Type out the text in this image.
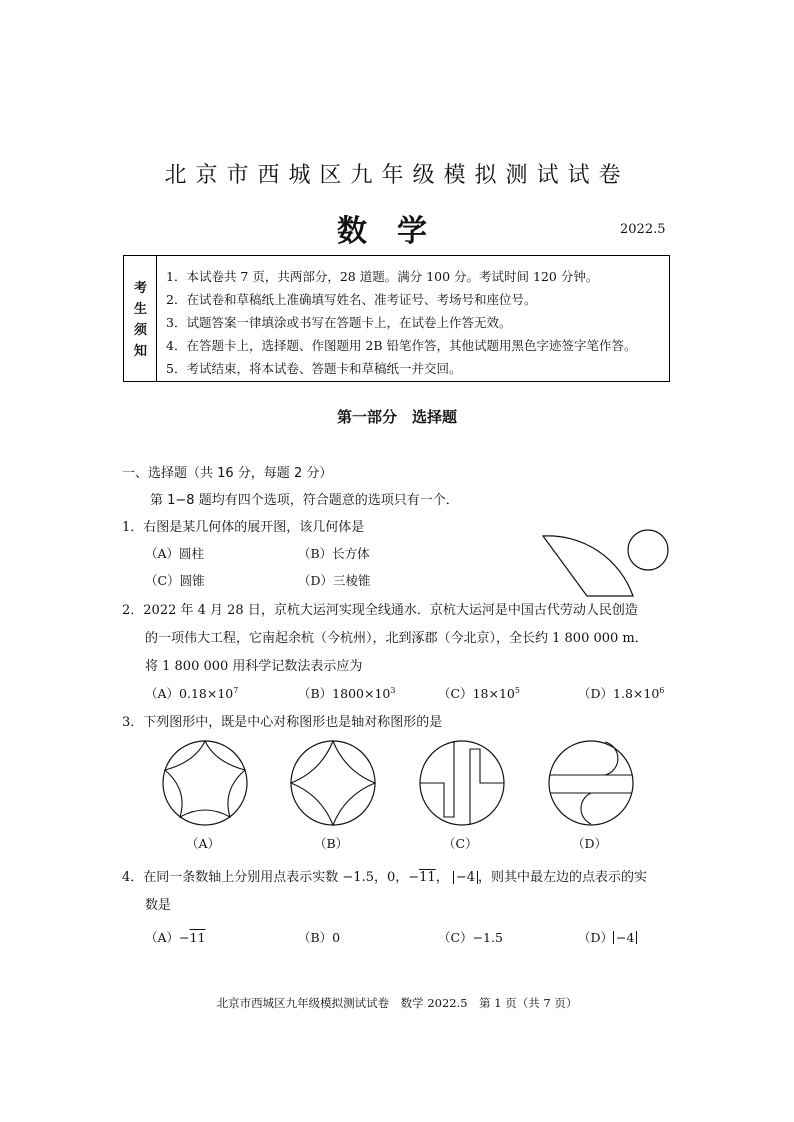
北京市西城区九年级模拟测试试卷
数学	2022.5
考
生
须
知
1．本试卷共 7 页，共两部分，28 道题。满分 100 分。考试时间 120 分钟。
2．在试卷和草稿纸上准确填写姓名、准考证号、考场号和座位号。
3．试题答案一律填涂或书写在答题卡上，在试卷上作答无效。
4．在答题卡上，选择题、作图题用 2B 铅笔作答，其他试题用黑色字迹签字笔作答。
5．考试结束，将本试卷、答题卡和草稿纸一并交回。
第一部分　选择题
一、选择题（共 16 分，每题 2 分）
第 1−8 题均有四个选项，符合题意的选项只有一个．
1．右图是某几何体的展开图，该几何体是
（A）圆柱	（B）长方体
（C）圆锥	（D）三棱锥
2．2022 年 4 月 28 日，京杭大运河实现全线通水．京杭大运河是中国古代劳动人民创造
的一项伟大工程，它南起余杭（今杭州），北到涿郡（今北京），全长约 1 800 000 m．
将 1 800 000 用科学记数法表示应为
$(A)0.18\times 10^7$	$(B)1800\times 10^3$	$(C)18\times 10^5$	$(D)1.8\times 10^6$
3．下列图形中，既是中心对称图形也是轴对称图形的是
（A）	（B）	（C）	（D）
4．在同一条数轴上分别用点表示实数 −1.5，0，−11， −4 ，则其中最左边的点表示的实
数是
（A）−11	（B）0	（C）−1.5	（D） −4
北京市西城区九年级模拟测试试卷　数学 2022.5　第 1 页（共 7 页）
